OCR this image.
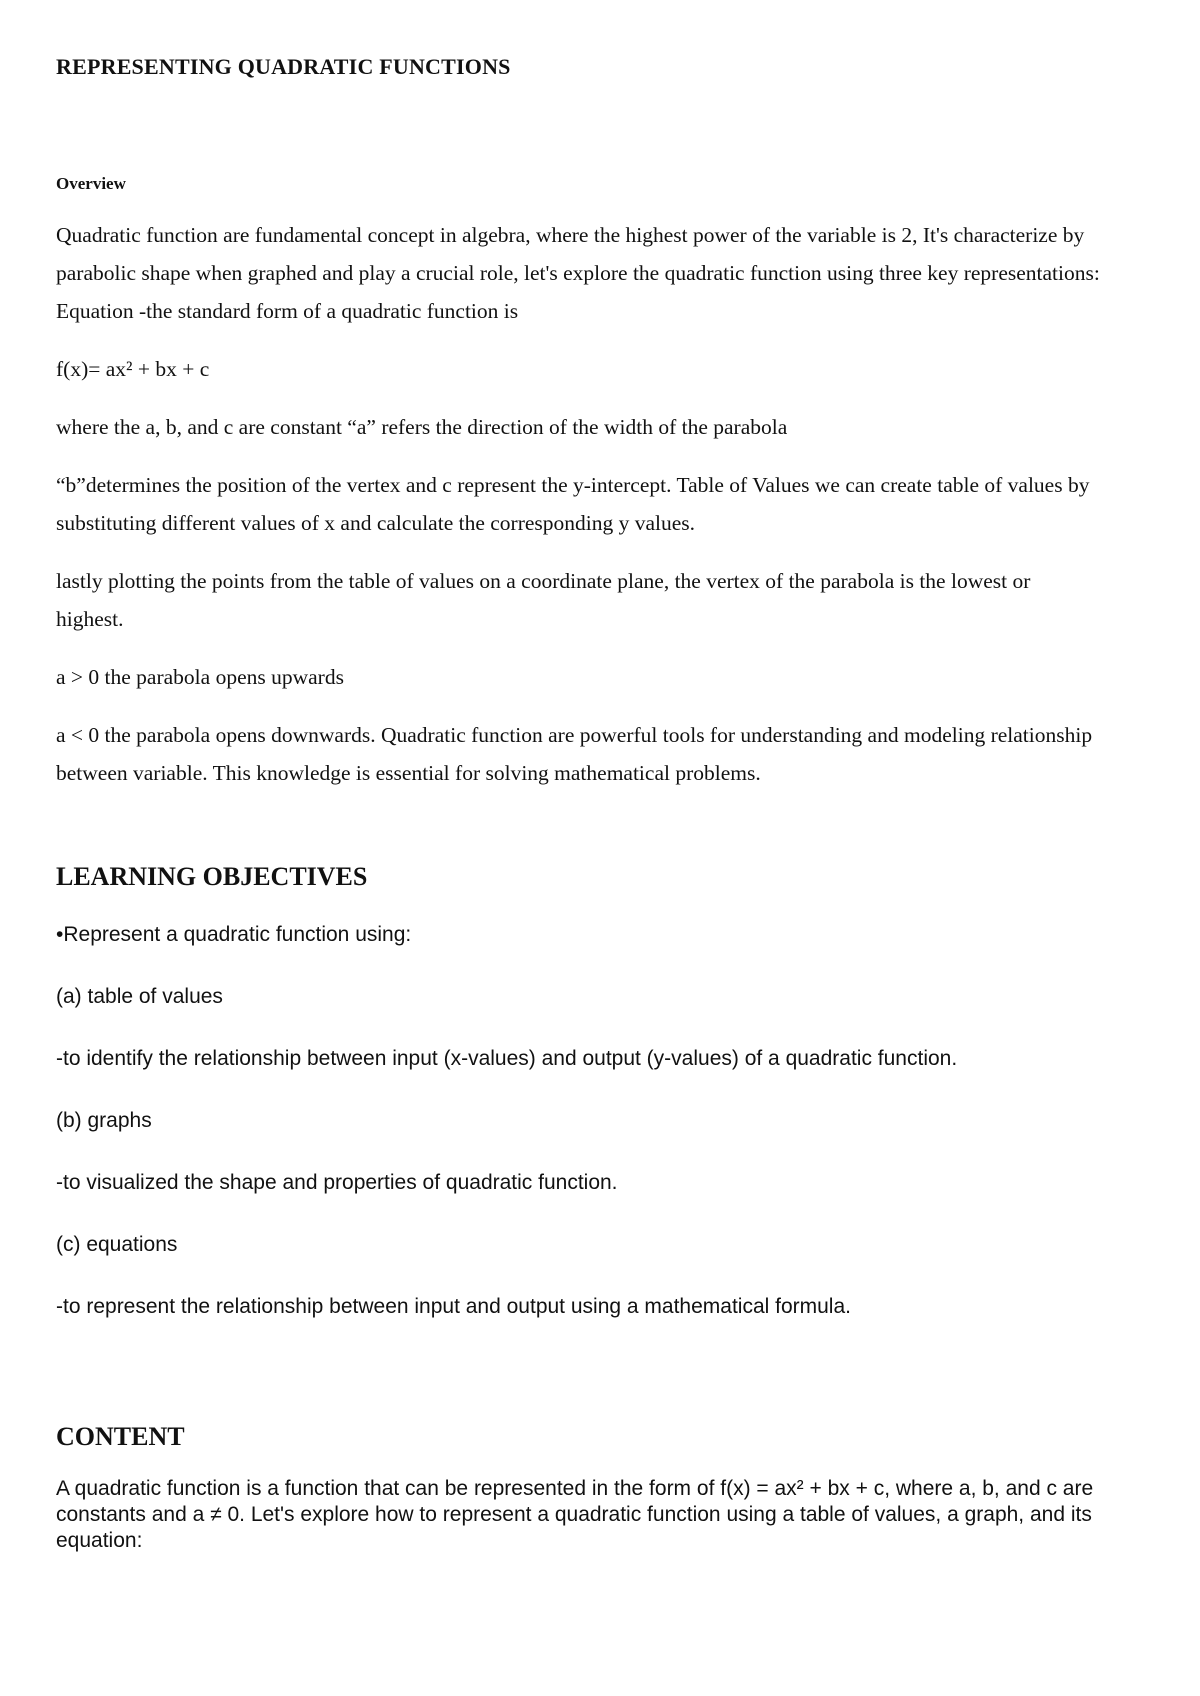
REPRESENTING QUADRATIC FUNCTIONS
Overview

Quadratic function are fundamental concept in algebra, where the highest power of the variable is 2, It's characterize by parabolic shape when graphed and play a crucial role, let's explore the quadratic function using three key representations: Equation -the standard form of a quadratic function is

f(x)= ax² + bx + c

where the a, b, and c are constant “a” refers the direction of the width of the parabola

“b”determines the position of the vertex and c represent the y-intercept. Table of Values we can create table of values by substituting different values of x and calculate the corresponding y values.

lastly plotting the points from the table of values on a coordinate plane, the vertex of the parabola is the lowest or highest.

a > 0 the parabola opens upwards

a < 0 the parabola opens downwards. Quadratic function are powerful tools for understanding and modeling relationship between variable. This knowledge is essential for solving mathematical problems.

LEARNING OBJECTIVES

•Represent a quadratic function using:

(a) table of values

-to identify the relationship between input (x-values) and output (y-values) of a quadratic function.

(b) graphs

-to visualized the shape and properties of quadratic function.

(c) equations

-to represent the relationship between input and output using a mathematical formula.

CONTENT

A quadratic function is a function that can be represented in the form of f(x) = ax² + bx + c, where a, b, and c are constants and a ≠ 0. Let's explore how to represent a quadratic function using a table of values, a graph, and its equation:
